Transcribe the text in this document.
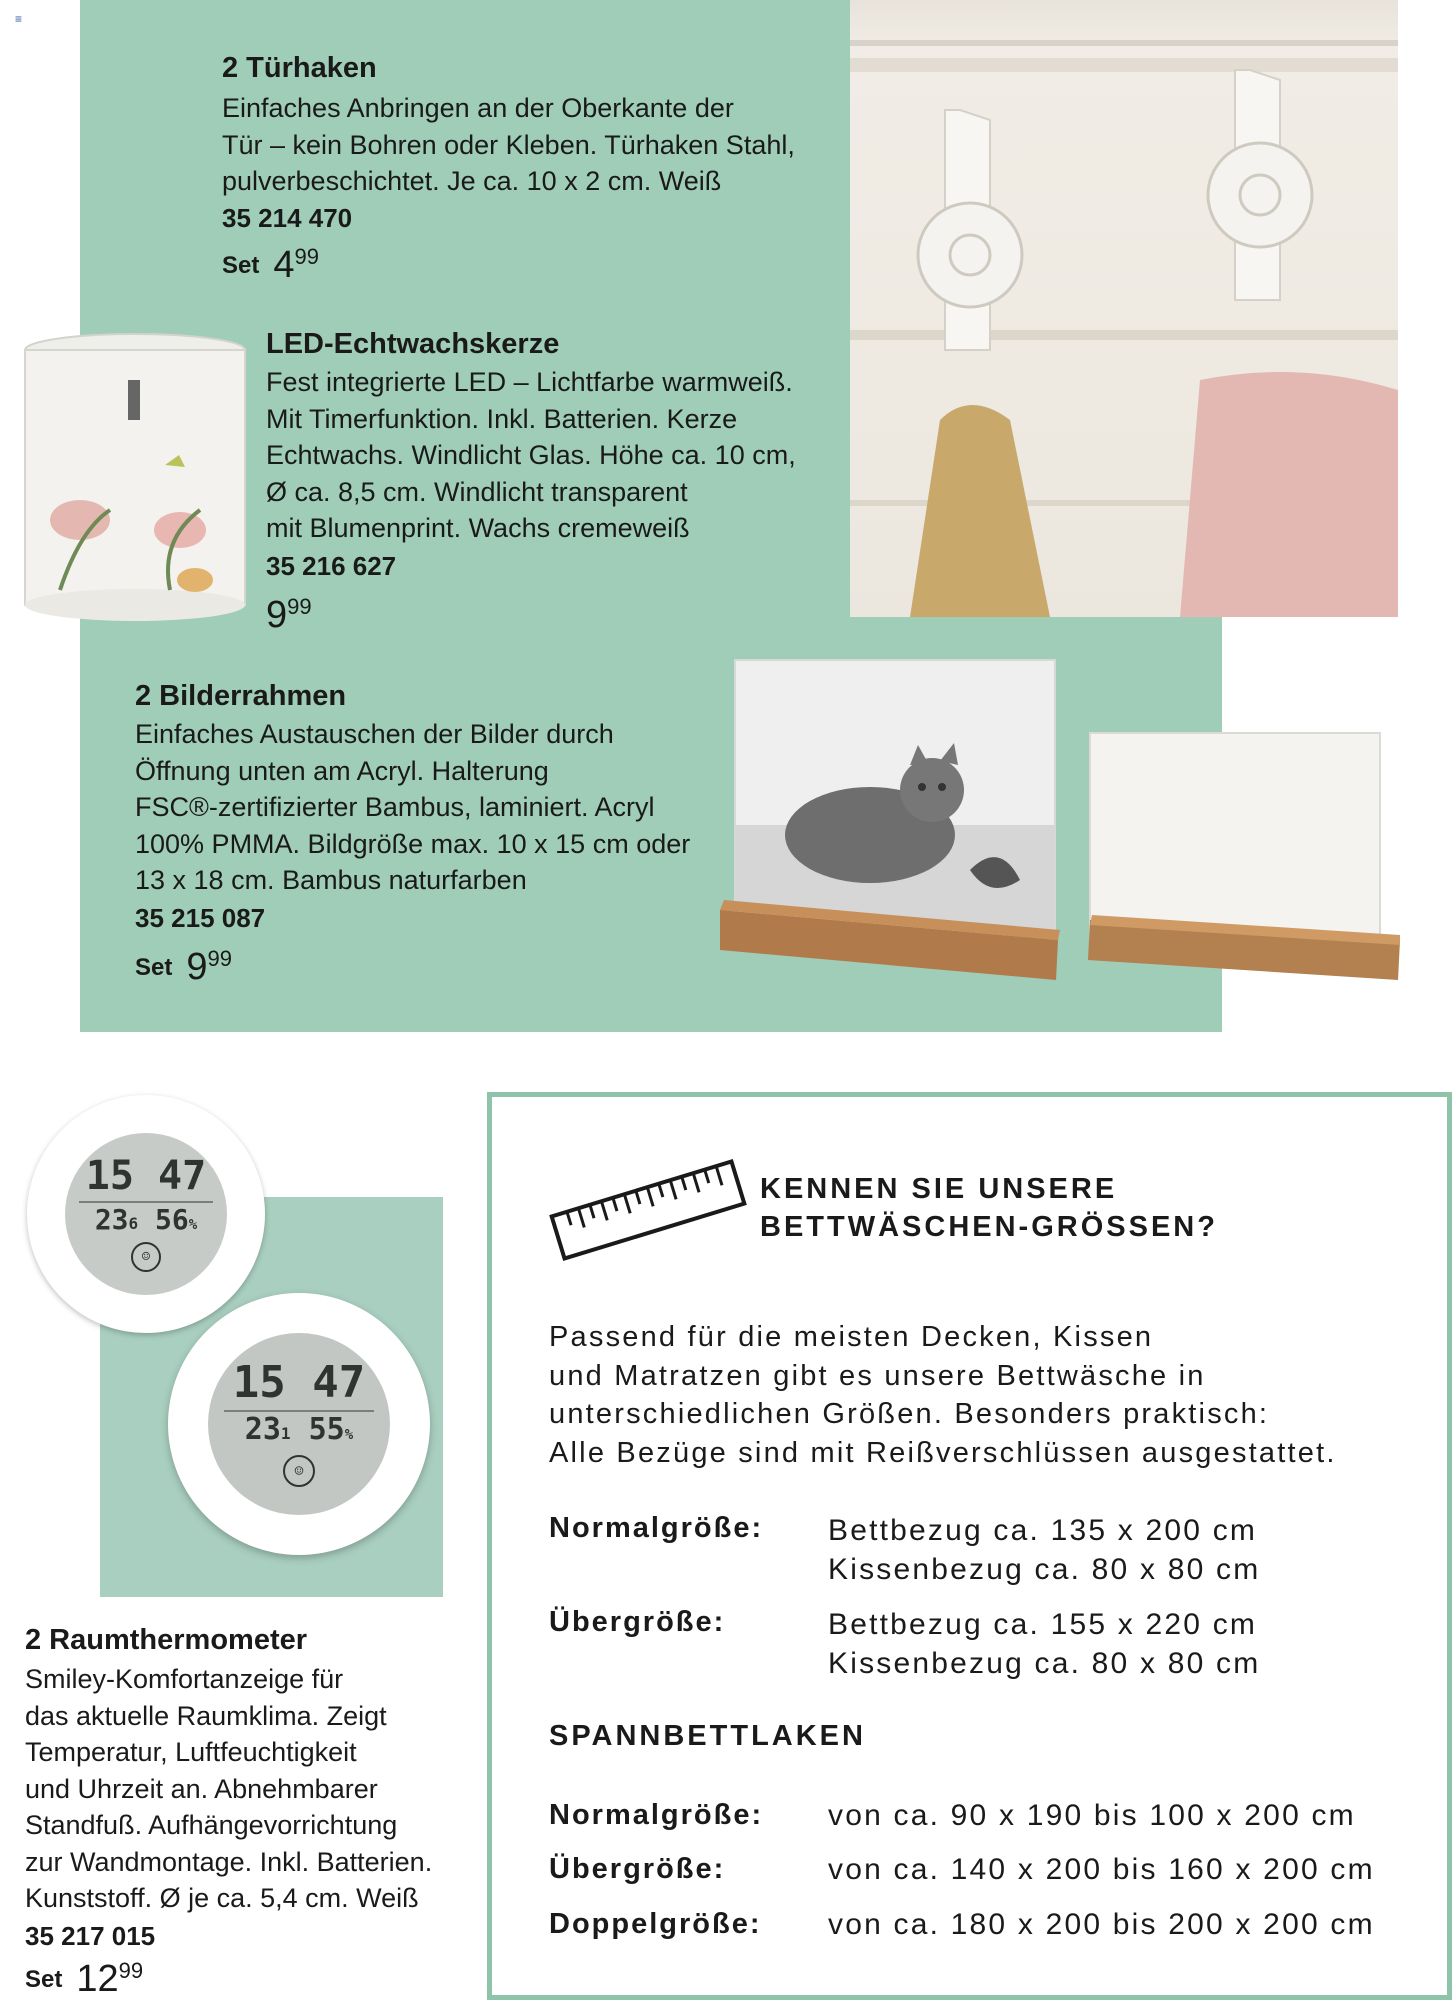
≡
2 Türhaken
Einfaches Anbringen an der Oberkante der
Tür – kein Bohren oder Kleben. Türhaken Stahl,
pulverbeschichtet. Je ca. 10 x 2 cm. Weiß
35 214 470
Set 4 99
LED-Echtwachskerze
Fest integrierte LED – Lichtfarbe warmweiß.
Mit Timerfunktion. Inkl. Batterien. Kerze
Echtwachs. Windlicht Glas. Höhe ca. 10 cm,
Ø ca. 8,5 cm. Windlicht transparent
mit Blumenprint. Wachs cremeweiß
35 216 627
9 99
2 Bilderrahmen
Einfaches Austauschen der Bilder durch
Öffnung unten am Acryl. Halterung
FSC®-zertifizierter Bambus, laminiert. Acryl
100% PMMA. Bildgröße max. 10 x 15 cm oder
13 x 18 cm. Bambus naturfarben
35 215 087
Set 9 99
15 47
236 56%
☺
15 47
231 55%
☺
2 Raumthermometer
Smiley-Komfortanzeige für
das aktuelle Raumklima. Zeigt
Temperatur, Luftfeuchtigkeit
und Uhrzeit an. Abnehmbarer
Standfuß. Aufhängevorrichtung
zur Wandmontage. Inkl. Batterien.
Kunststoff. Ø je ca. 5,4 cm. Weiß
35 217 015
Set 12 99
KENNEN SIE UNSERE
BETTWÄSCHEN-GRÖSSEN?
Passend für die meisten Decken, Kissen
und Matratzen gibt es unsere Bettwäsche in
unterschiedlichen Größen. Besonders praktisch:
Alle Bezüge sind mit Reißverschlüssen ausgestattet.
Normalgröße: Bettbezug ca. 135 x 200 cm
Kissenbezug ca. 80 x 80 cm
Übergröße:	Bettbezug ca. 155 x 220 cm
Kissenbezug ca. 80 x 80 cm
SPANNBETTLAKEN
Normalgröße: von ca. 90 x 190 bis 100 x 200 cm
Übergröße:	von ca. 140 x 200 bis 160 x 200 cm
Doppelgröße: von ca. 180 x 200 bis 200 x 200 cm
